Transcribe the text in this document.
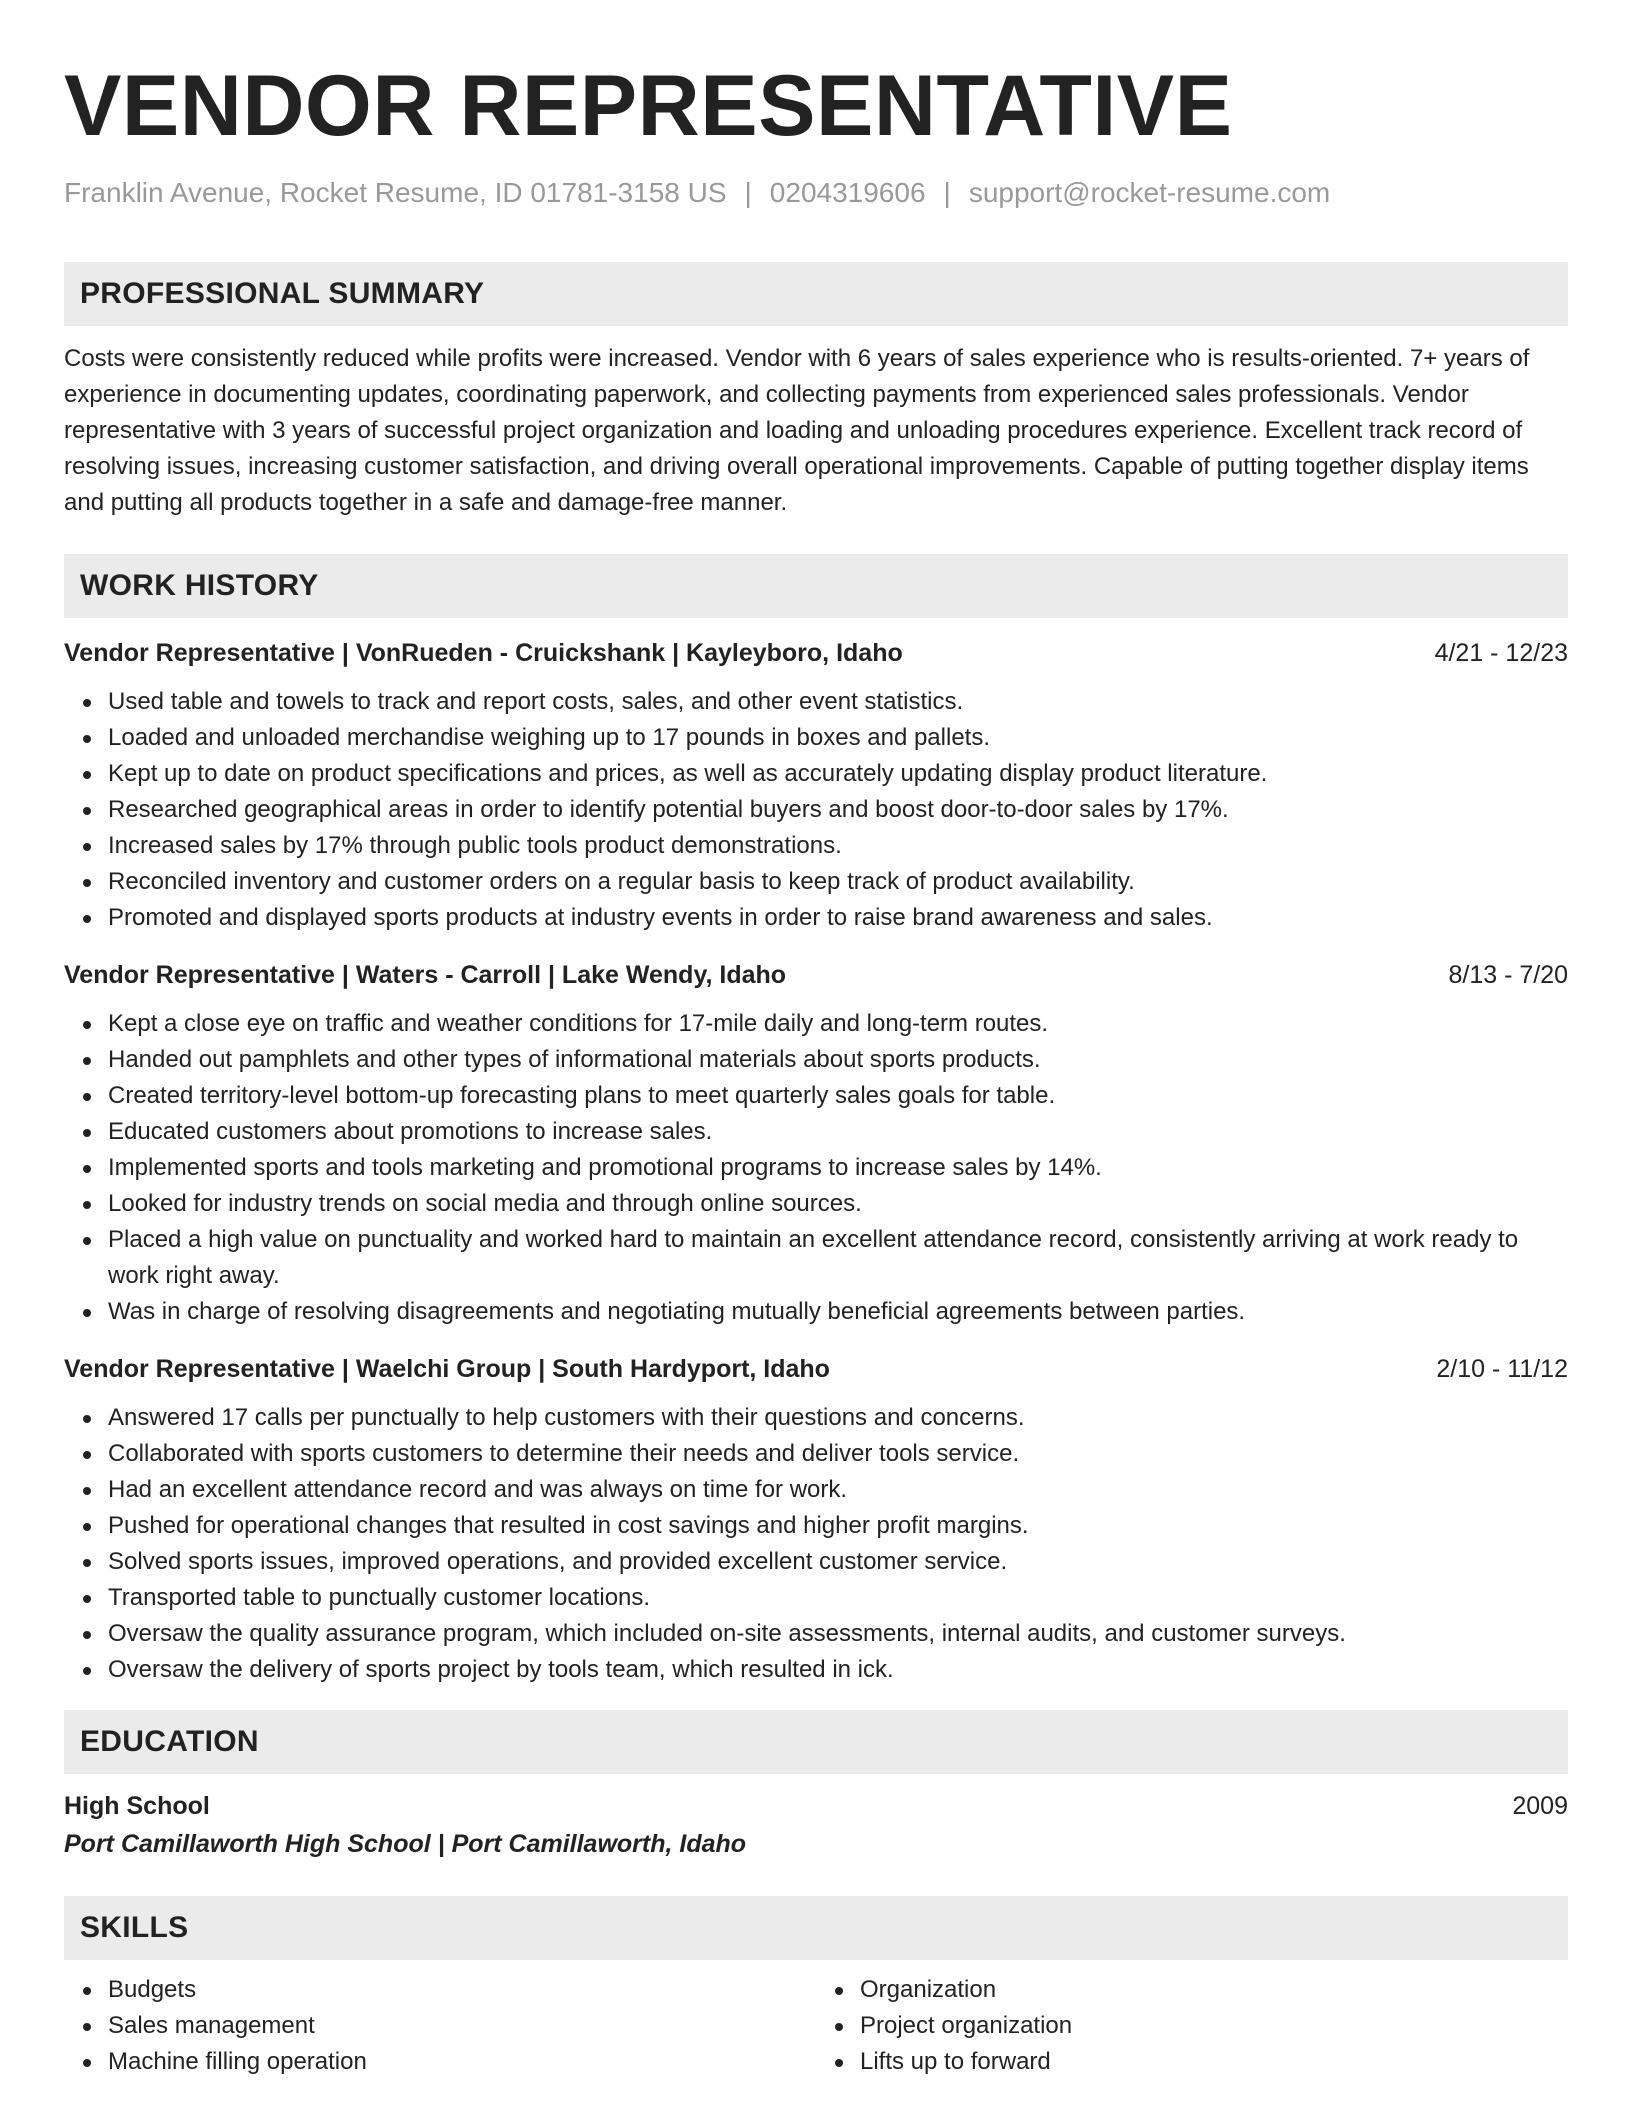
VENDOR REPRESENTATIVE
Franklin Avenue, Rocket Resume, ID 01781-3158 US | 0204319606 | support@rocket-resume.com
PROFESSIONAL SUMMARY

Costs were consistently reduced while profits were increased. Vendor with 6 years of sales experience who is results-oriented. 7+ years of experience in documenting updates, coordinating paperwork, and collecting payments from experienced sales professionals. Vendor representative with 3 years of successful project organization and loading and unloading procedures experience. Excellent track record of resolving issues, increasing customer satisfaction, and driving overall operational improvements. Capable of putting together display items and putting all products together in a safe and damage-free manner.

WORK HISTORY
Vendor Representative | VonRueden - Cruickshank | Kayleyboro, Idaho	4/21 - 12/23
Used table and towels to track and report costs, sales, and other event statistics.
Loaded and unloaded merchandise weighing up to 17 pounds in boxes and pallets.
Kept up to date on product specifications and prices, as well as accurately updating display product literature.
Researched geographical areas in order to identify potential buyers and boost door-to-door sales by 17%.
Increased sales by 17% through public tools product demonstrations.
Reconciled inventory and customer orders on a regular basis to keep track of product availability.
Promoted and displayed sports products at industry events in order to raise brand awareness and sales.
Vendor Representative | Waters - Carroll | Lake Wendy, Idaho	8/13 - 7/20
Kept a close eye on traffic and weather conditions for 17-mile daily and long-term routes.
Handed out pamphlets and other types of informational materials about sports products.
Created territory-level bottom-up forecasting plans to meet quarterly sales goals for table.
Educated customers about promotions to increase sales.
Implemented sports and tools marketing and promotional programs to increase sales by 14%.
Looked for industry trends on social media and through online sources.
Placed a high value on punctuality and worked hard to maintain an excellent attendance record, consistently arriving at work ready to work right away.
Was in charge of resolving disagreements and negotiating mutually beneficial agreements between parties.
Vendor Representative | Waelchi Group | South Hardyport, Idaho	2/10 - 11/12
Answered 17 calls per punctually to help customers with their questions and concerns.
Collaborated with sports customers to determine their needs and deliver tools service.
Had an excellent attendance record and was always on time for work.
Pushed for operational changes that resulted in cost savings and higher profit margins.
Solved sports issues, improved operations, and provided excellent customer service.
Transported table to punctually customer locations.
Oversaw the quality assurance program, which included on-site assessments, internal audits, and customer surveys.
Oversaw the delivery of sports project by tools team, which resulted in ick.
EDUCATION
High School	2009
Port Camillaworth High School | Port Camillaworth, Idaho
SKILLS
Budgets
Sales management
Machine filling operation
Organization
Project organization
Lifts up to forward
